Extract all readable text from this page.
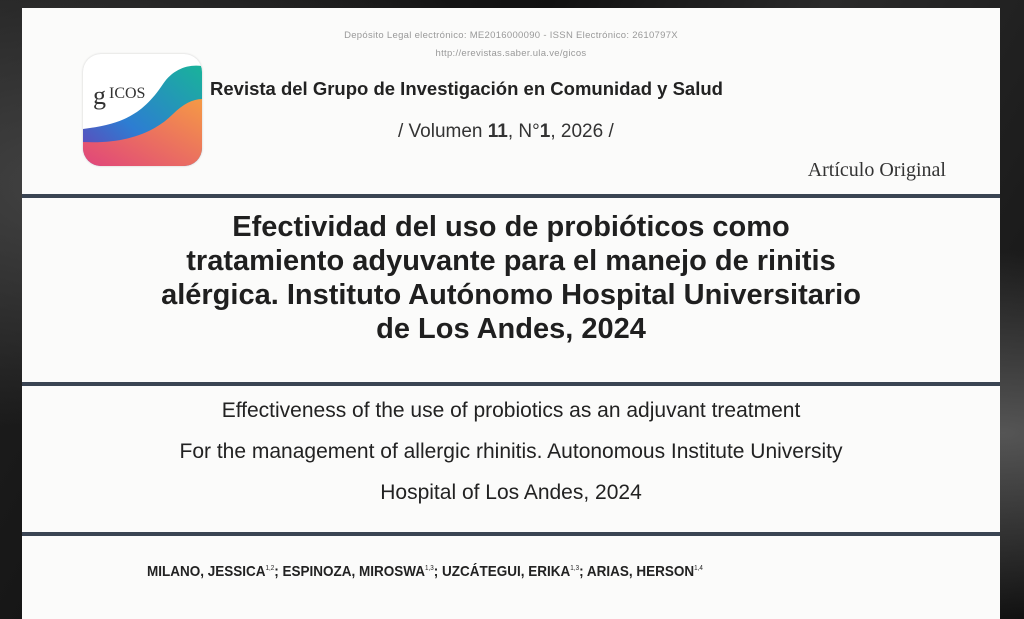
Depósito Legal electrónico: ME2016000090 - ISSN Electrónico: 2610797X
http://erevistas.saber.ula.ve/gicos
g ICOS	Revista del Grupo de Investigación en Comunidad y Salud
/ Volumen 11, N°1, 2026 /
Artículo Original
Efectividad del uso de probióticos como
tratamiento adyuvante para el manejo de rinitis
alérgica. Instituto Autónomo Hospital Universitario
de Los Andes, 2024
Effectiveness of the use of probiotics as an adjuvant treatment
For the management of allergic rhinitis. Autonomous Institute University
Hospital of Los Andes, 2024
MILANO, JESSICA$^{1,2}$; ESPINOZA, MIROSWA$^{1,3}$; UZCÁTEGUI, ERIKA$^{1,3}$; ARIAS, HERSON$^{1,4}$
